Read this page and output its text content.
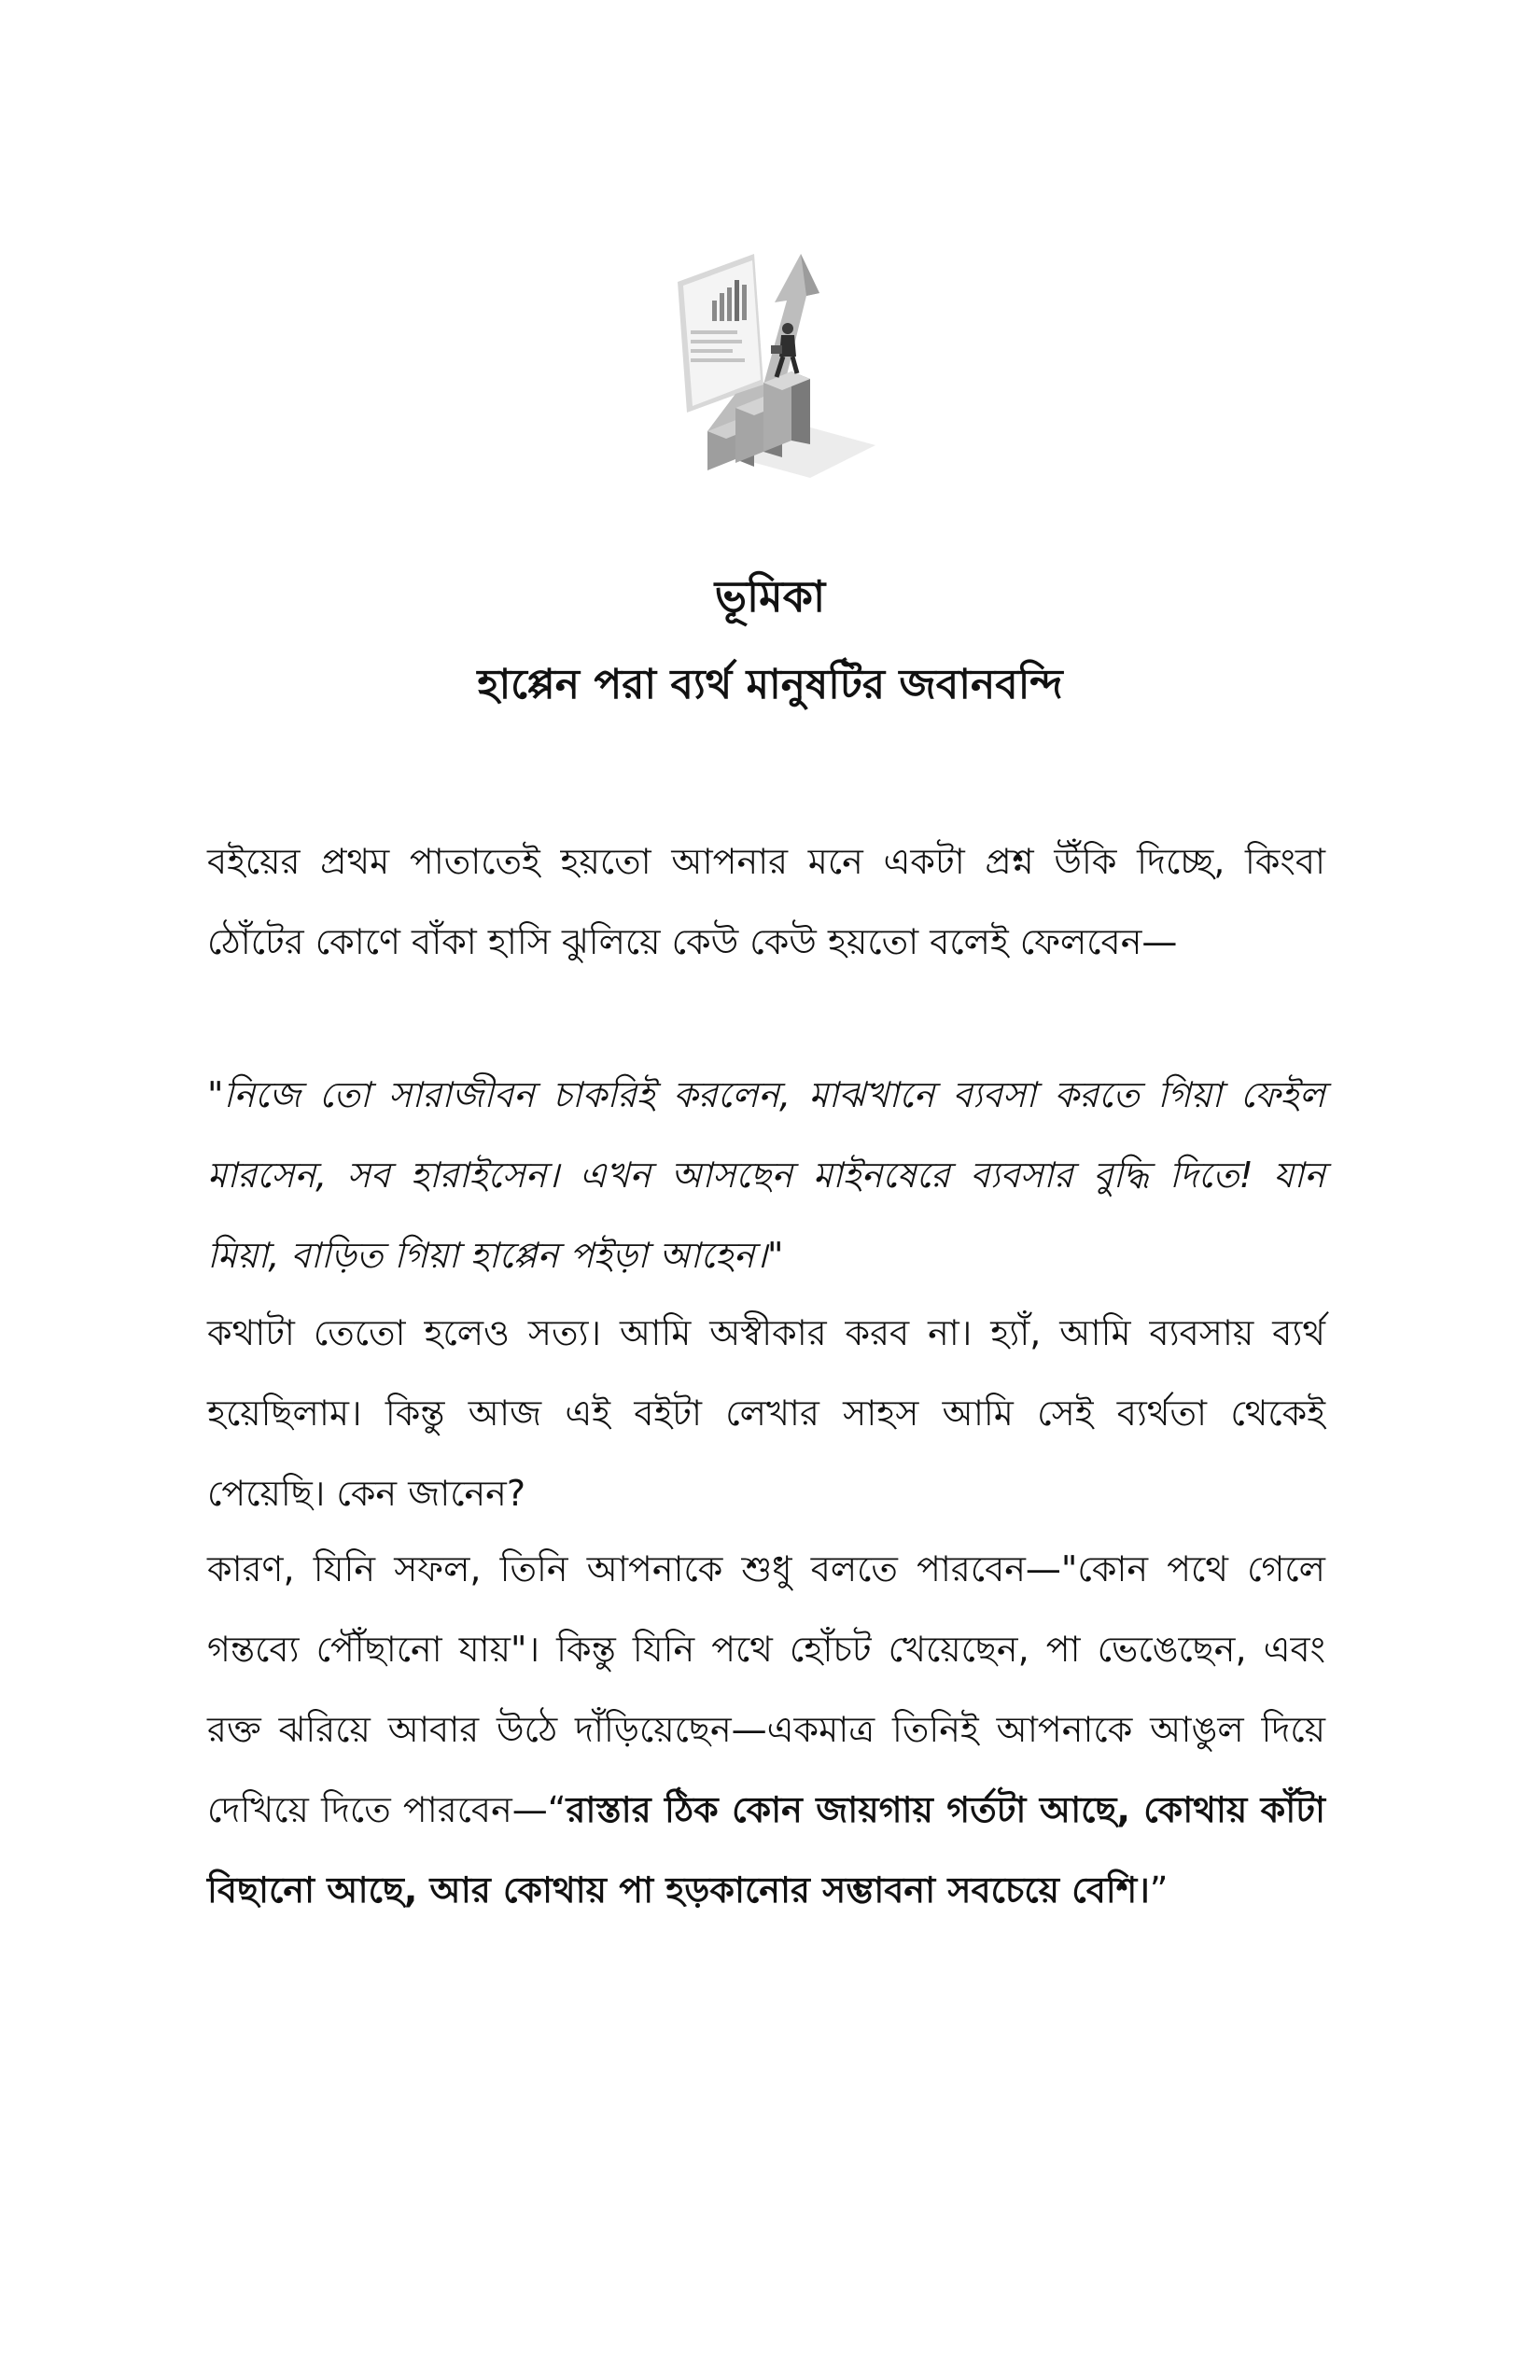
ভূমিকা
হাপ্পেন পরা ব্যর্থ মানুষটির জবানবন্দি

বইয়ের প্রথম পাতাতেই হয়তো আপনার মনে একটা প্রশ্ন উঁকি দিচ্ছে, কিংবা ঠোঁটের কোণে বাঁকা হাসি ঝুলিয়ে কেউ কেউ হয়তো বলেই ফেলবেন—

"নিজে তো সারাজীবন চাকরিই করলেন, মাঝখানে ব্যবসা করতে গিয়া ফেইল মারসেন, সব হারাইসেন। এখন আসছেন মাইনষেরে ব্যবসার বুদ্ধি দিতে! যান মিয়া, বাড়িত গিয়া হাপ্পেন পইড়া আহেন।"

কথাটা তেতো হলেও সত্য। আমি অস্বীকার করব না। হ্যাঁ, আমি ব্যবসায় ব্যর্থ হয়েছিলাম। কিন্তু আজ এই বইটা লেখার সাহস আমি সেই ব্যর্থতা থেকেই পেয়েছি। কেন জানেন?

কারণ, যিনি সফল, তিনি আপনাকে শুধু বলতে পারবেন—"কোন পথে গেলে গন্তব্যে পৌঁছানো যায়"। কিন্তু যিনি পথে হোঁচট খেয়েছেন, পা ভেঙেছেন, এবং রক্ত ঝরিয়ে আবার উঠে দাঁড়িয়েছেন—একমাত্র তিনিই আপনাকে আঙুল দিয়ে দেখিয়ে দিতে পারবেন—“রাস্তার ঠিক কোন জায়গায় গর্তটা আছে, কোথায় কাঁটা বিছানো আছে, আর কোথায় পা হড়কানোর সম্ভাবনা সবচেয়ে বেশি।”
